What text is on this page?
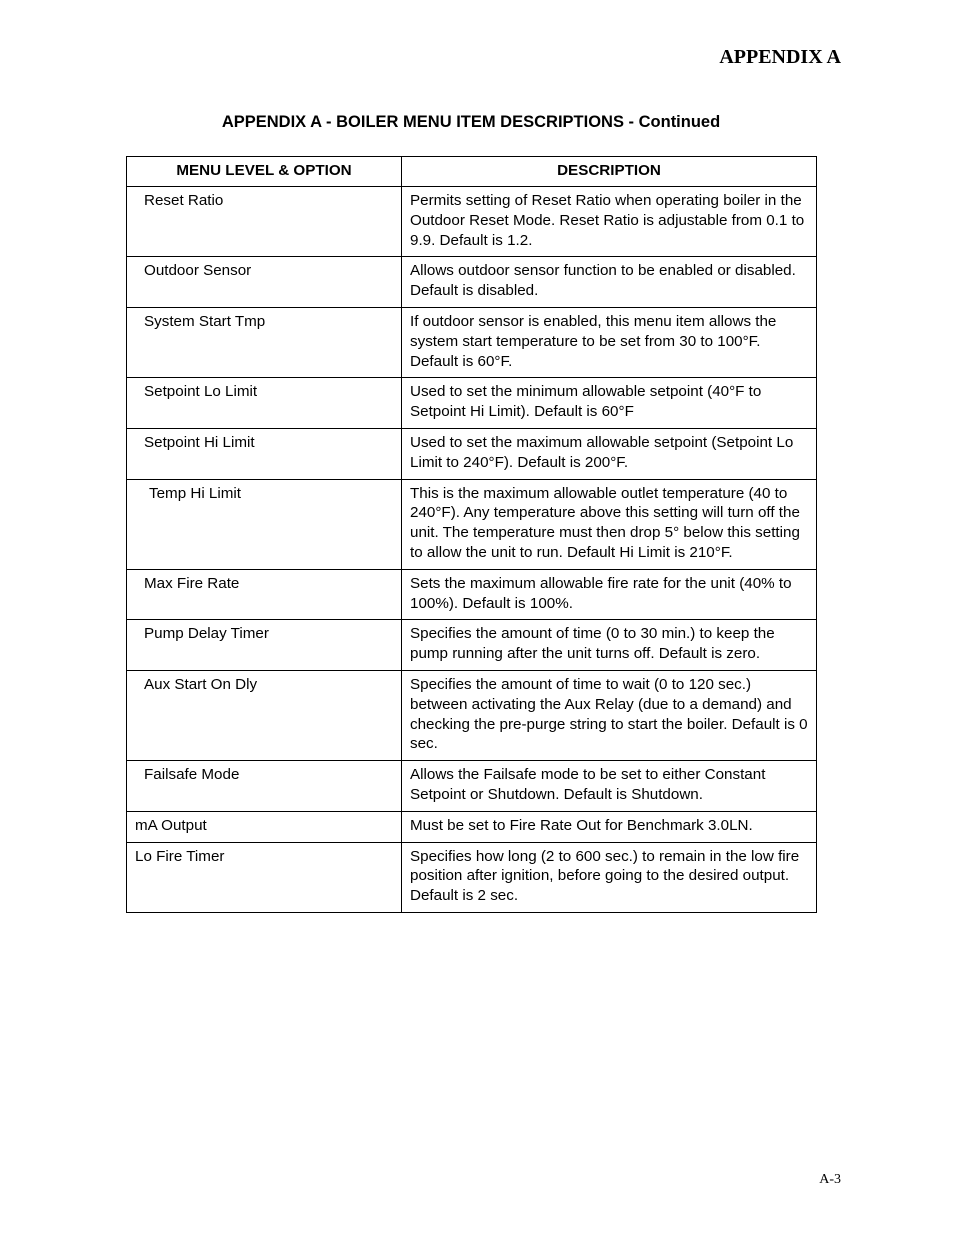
APPENDIX A
APPENDIX A - BOILER MENU ITEM DESCRIPTIONS - Continued
MENU LEVEL & OPTION	DESCRIPTION
Reset Ratio	Permits setting of Reset Ratio when operating boiler in the Outdoor Reset Mode. Reset Ratio is adjustable from 0.1 to 9.9. Default is 1.2.
Outdoor Sensor	Allows outdoor sensor function to be enabled or disabled. Default is disabled.
System Start Tmp	If outdoor sensor is enabled, this menu item allows the system start temperature to be set from 30 to 100°F. Default is 60°F.
Setpoint Lo Limit	Used to set the minimum allowable setpoint (40°F to Setpoint Hi Limit). Default is 60°F
Setpoint Hi Limit	Used to set the maximum allowable setpoint (Setpoint Lo Limit to 240°F). Default is 200°F.
Temp Hi Limit	This is the maximum allowable outlet temperature (40 to 240°F). Any temperature above this setting will turn off the unit. The temperature must then drop 5° below this setting to allow the unit to run. Default Hi Limit is 210°F.
Max Fire Rate	Sets the maximum allowable fire rate for the unit (40% to 100%). Default is 100%.
Pump Delay Timer	Specifies the amount of time (0 to 30 min.) to keep the pump running after the unit turns off. Default is zero.
Aux Start On Dly	Specifies the amount of time to wait (0 to 120 sec.) between activating the Aux Relay (due to a demand) and checking the pre-purge string to start the boiler. Default is 0 sec.
Failsafe Mode	Allows the Failsafe mode to be set to either Constant Setpoint or Shutdown. Default is Shutdown.
mA Output	Must be set to Fire Rate Out for Benchmark 3.0LN.
Lo Fire Timer	Specifies how long (2 to 600 sec.) to remain in the low fire position after ignition, before going to the desired output. Default is 2 sec.
A-3
